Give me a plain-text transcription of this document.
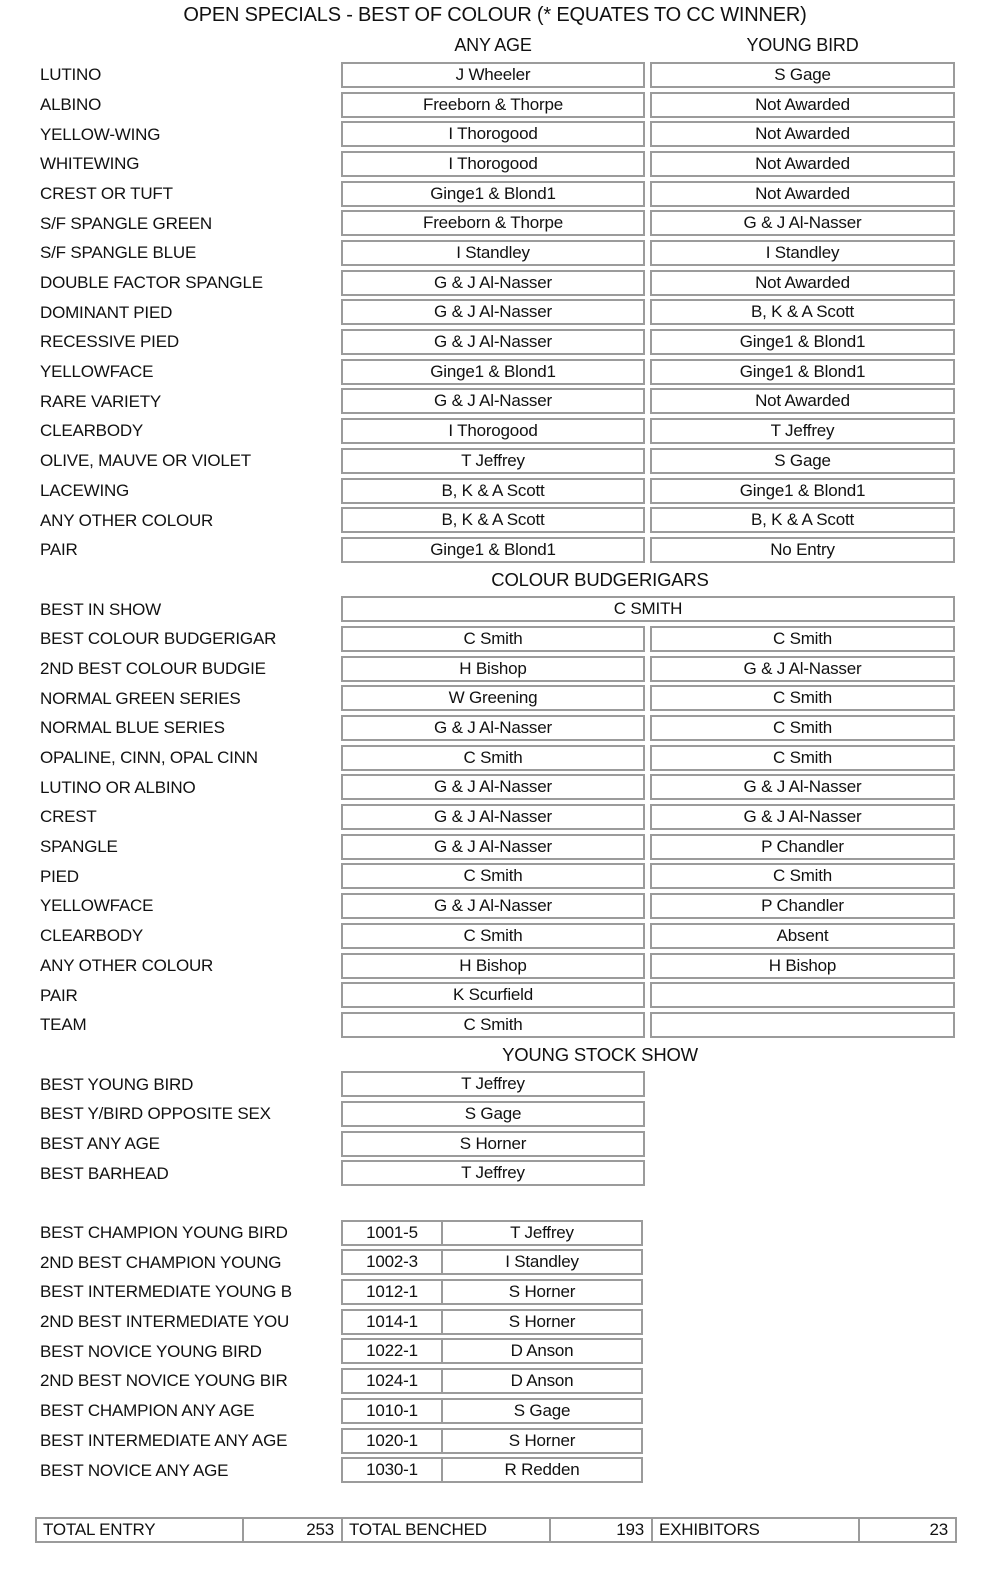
OPEN SPECIALS - BEST OF COLOUR (* EQUATES TO CC WINNER)
ANY AGE	YOUNG BIRD
LUTINO	J Wheeler	S Gage
ALBINO	Freeborn & Thorpe	Not Awarded
YELLOW-WING	I Thorogood	Not Awarded
WHITEWING	I Thorogood	Not Awarded
CREST OR TUFT	Ginge1 & Blond1	Not Awarded
S/F SPANGLE GREEN	Freeborn & Thorpe	G & J Al-Nasser
S/F SPANGLE BLUE	I Standley	I Standley
DOUBLE FACTOR SPANGLE	G & J Al-Nasser	Not Awarded
DOMINANT PIED	G & J Al-Nasser	B, K & A Scott
RECESSIVE PIED	G & J Al-Nasser	Ginge1 & Blond1
YELLOWFACE	Ginge1 & Blond1	Ginge1 & Blond1
RARE VARIETY	G & J Al-Nasser	Not Awarded
CLEARBODY	I Thorogood	T Jeffrey
OLIVE, MAUVE OR VIOLET	T Jeffrey	S Gage
LACEWING	B, K & A Scott	Ginge1 & Blond1
ANY OTHER COLOUR	B, K & A Scott	B, K & A Scott
PAIR	Ginge1 & Blond1	No Entry
COLOUR BUDGERIGARS
BEST IN SHOW	C SMITH
BEST COLOUR BUDGERIGAR	C Smith	C Smith
2ND BEST COLOUR BUDGIE	H Bishop	G & J Al-Nasser
NORMAL GREEN SERIES	W Greening	C Smith
NORMAL BLUE SERIES	G & J Al-Nasser	C Smith
OPALINE, CINN, OPAL CINN	C Smith	C Smith
LUTINO OR ALBINO	G & J Al-Nasser	G & J Al-Nasser
CREST	G & J Al-Nasser	G & J Al-Nasser
SPANGLE	G & J Al-Nasser	P Chandler
PIED	C Smith	C Smith
YELLOWFACE	G & J Al-Nasser	P Chandler
CLEARBODY	C Smith	Absent
ANY OTHER COLOUR	H Bishop	H Bishop
PAIR	K Scurfield
TEAM	C Smith
YOUNG STOCK SHOW
BEST YOUNG BIRD	T Jeffrey
BEST Y/BIRD OPPOSITE SEX	S Gage
BEST ANY AGE	S Horner
BEST BARHEAD	T Jeffrey
BEST CHAMPION YOUNG BIRD	1001-5	T Jeffrey
2ND BEST CHAMPION YOUNG	1002-3	I Standley
BEST INTERMEDIATE YOUNG B	1012-1	S Horner
2ND BEST INTERMEDIATE YOU	1014-1	S Horner
BEST NOVICE YOUNG BIRD	1022-1	D Anson
2ND BEST NOVICE YOUNG BIR	1024-1	D Anson
BEST CHAMPION ANY AGE	1010-1	S Gage
BEST INTERMEDIATE ANY AGE	1020-1	S Horner
BEST NOVICE ANY AGE	1030-1	R Redden
TOTAL ENTRY	253 TOTAL BENCHED	193 EXHIBITORS	23
